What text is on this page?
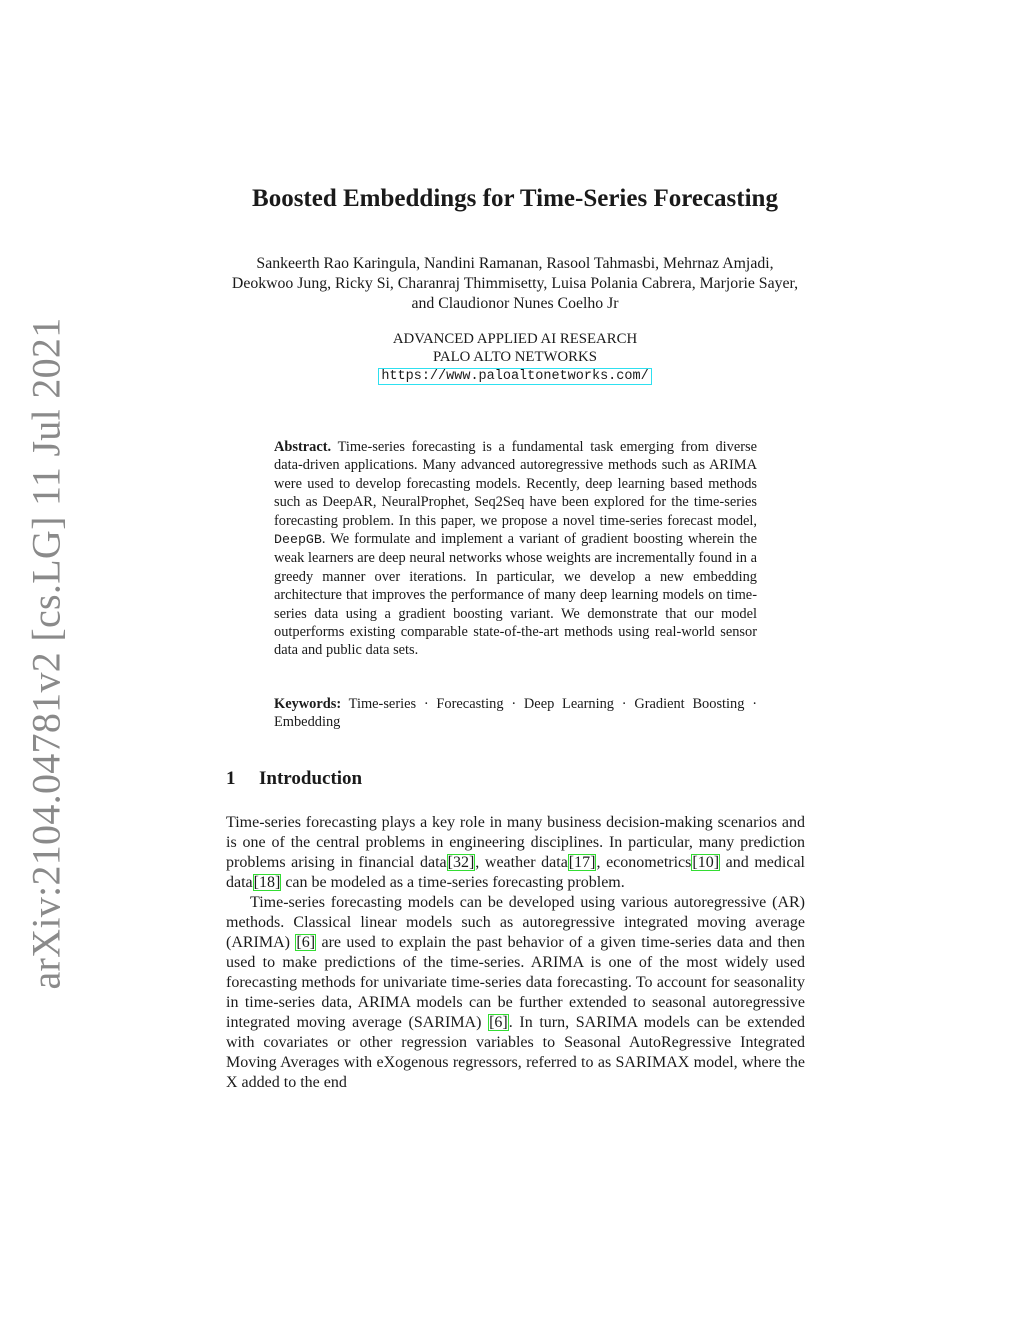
arXiv:2104.04781v2 [cs.LG] 11 Jul 2021
Boosted Embeddings for Time-Series Forecasting

Sankeerth Rao Karingula, Nandini Ramanan, Rasool Tahmasbi, Mehrnaz Amjadi, Deokwoo Jung, Ricky Si, Charanraj Thimmisetty, Luisa Polania Cabrera, Marjorie Sayer, and Claudionor Nunes Coelho Jr

ADVANCED APPLIED AI RESEARCH
PALO ALTO NETWORKS
https://www.paloaltonetworks.com/

Abstract. Time-series forecasting is a fundamental task emerging from diverse data-driven applications. Many advanced autoregressive methods such as ARIMA were used to develop forecasting models. Recently, deep learning based methods such as DeepAR, NeuralProphet, Seq2Seq have been explored for the time-series forecasting problem. In this paper, we propose a novel time-series forecast model, DeepGB. We formulate and implement a variant of gradient boosting wherein the weak learners are deep neural networks whose weights are incrementally found in a greedy manner over iterations. In particular, we develop a new embedding architecture that improves the performance of many deep learning models on time-series data using a gradient boosting variant. We demonstrate that our model outperforms existing comparable state-of-the-art methods using real-world sensor data and public data sets.

Keywords: Time-series · Forecasting · Deep Learning · Gradient Boosting · Embedding

1 Introduction

Time-series forecasting plays a key role in many business decision-making scenarios and is one of the central problems in engineering disciplines. In particular, many prediction problems arising in financial data[32], weather data[17], econometrics[10] and medical data[18] can be modeled as a time-series forecasting problem.

Time-series forecasting models can be developed using various autoregressive (AR) methods. Classical linear models such as autoregressive integrated moving average (ARIMA) [6] are used to explain the past behavior of a given time-series data and then used to make predictions of the time-series. ARIMA is one of the most widely used forecasting methods for univariate time-series data forecasting. To account for seasonality in time-series data, ARIMA models can be further extended to seasonal autoregressive integrated moving average (SARIMA) [6]. In turn, SARIMA models can be extended with covariates or other regression variables to Seasonal AutoRegressive Integrated Moving Averages with eXogenous regressors, referred to as SARIMAX model, where the X added to the end
